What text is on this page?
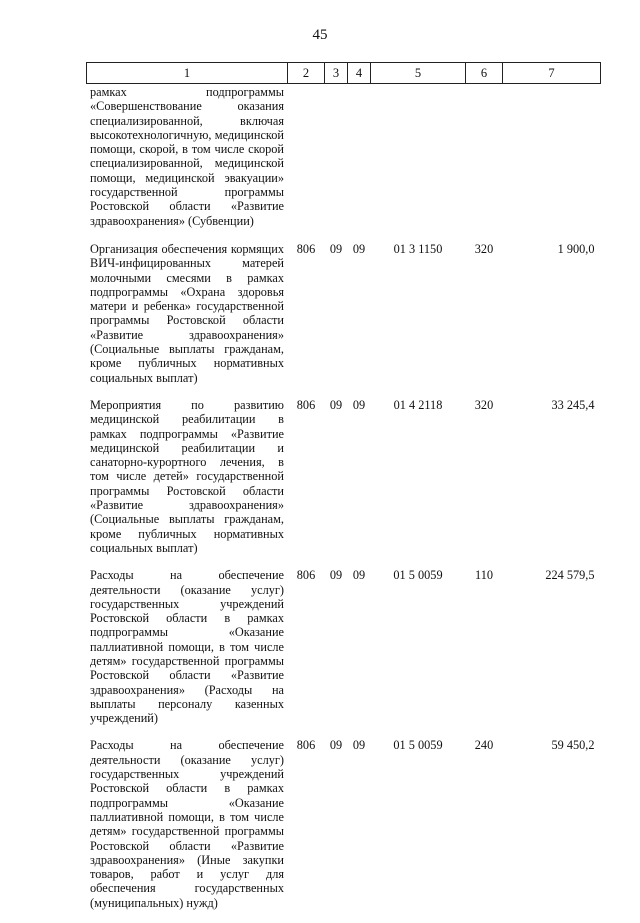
45
1	2	3	4	5	6	7
рамках подпрограммы «Совершенствование оказания специализированной, включая высокотехнологичную, медицинской помощи, скорой, в том числе скорой специализированной, медицинской помощи, медицинской эвакуации» государственной программы Ростовской области «Развитие здравоохранения» (Субвенции)						
Организация обеспечения кормящих ВИЧ-инфицированных матерей молочными смесями в рамках подпрограммы «Охрана здоровья матери и ребенка» государственной программы Ростовской области «Развитие здравоохранения» (Социальные выплаты гражданам, кроме публичных нормативных социальных выплат)	806	09	09	01 3 1150	320	1 900,0
Мероприятия по развитию медицинской реабилитации в рамках подпрограммы «Развитие медицинской реабилитации и санаторно-курортного лечения, в том числе детей» государственной программы Ростовской области «Развитие здравоохранения» (Социальные выплаты гражданам, кроме публичных нормативных социальных выплат)	806	09	09	01 4 2118	320	33 245,4
Расходы на обеспечение деятельности (оказание услуг) государственных учреждений Ростовской области в рамках подпрограммы «Оказание паллиативной помощи, в том числе детям» государственной программы Ростовской области «Развитие здравоохранения» (Расходы на выплаты персоналу казенных учреждений)	806	09	09	01 5 0059	110	224 579,5
Расходы на обеспечение деятельности (оказание услуг) государственных учреждений Ростовской области в рамках подпрограммы «Оказание паллиативной помощи, в том числе детям» государственной программы Ростовской области «Развитие здравоохранения» (Иные закупки товаров, работ и услуг для обеспечения государственных (муниципальных) нужд)	806	09	09	01 5 0059	240	59 450,2
